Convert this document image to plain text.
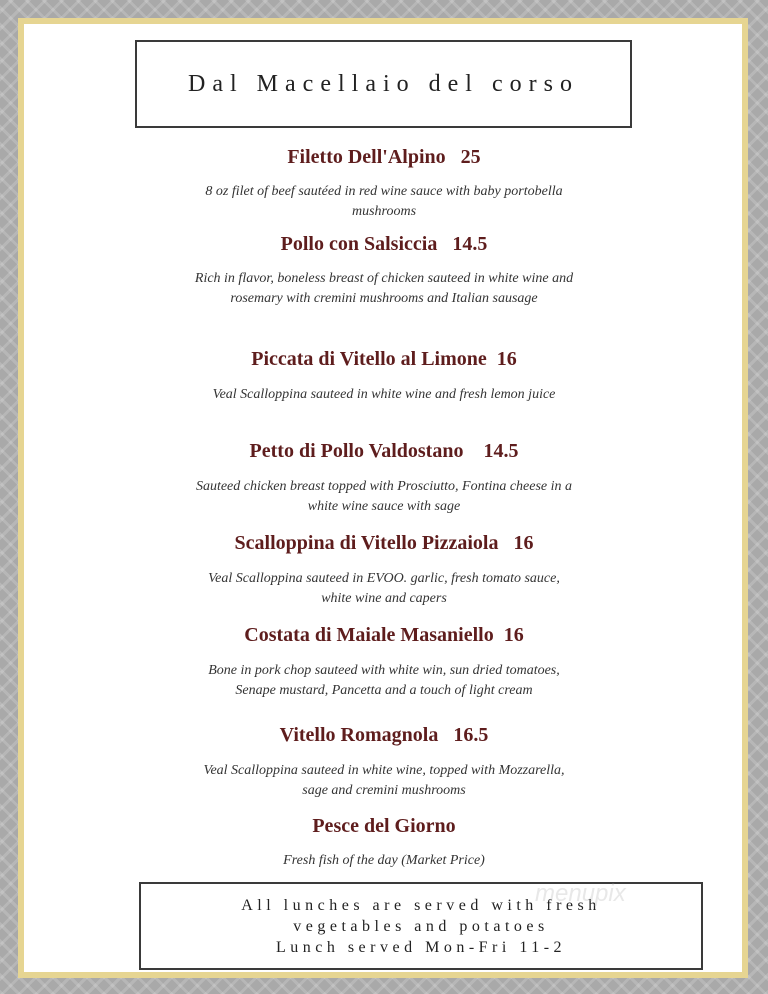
Dal Macellaio del corso

Filetto Dell'Alpino 25

8 oz filet of beef sautéed in red wine sauce with baby portobella mushrooms

Pollo con Salsiccia 14.5

Rich in flavor, boneless breast of chicken sauteed in white wine and rosemary with cremini mushrooms and Italian sausage

Piccata di Vitello al Limone 16

Veal Scalloppina sauteed in white wine and fresh lemon juice

Petto di Pollo Valdostano 14.5

Sauteed chicken breast topped with Prosciutto, Fontina cheese in a white wine sauce with sage

Scalloppina di Vitello Pizzaiola 16

Veal Scalloppina sauteed in EVOO. garlic, fresh tomato sauce, white wine and capers

Costata di Maiale Masaniello 16

Bone in pork chop sauteed with white win, sun dried tomatoes, Senape mustard, Pancetta and a touch of light cream

Vitello Romagnola 16.5

Veal Scalloppina sauteed in white wine, topped with Mozzarella, sage and cremini mushrooms

Pesce del Giorno

Fresh fish of the day (Market Price)

All lunches are served with fresh
vegetables and potatoes
Lunch served Mon-Fri 11-2
menupix
